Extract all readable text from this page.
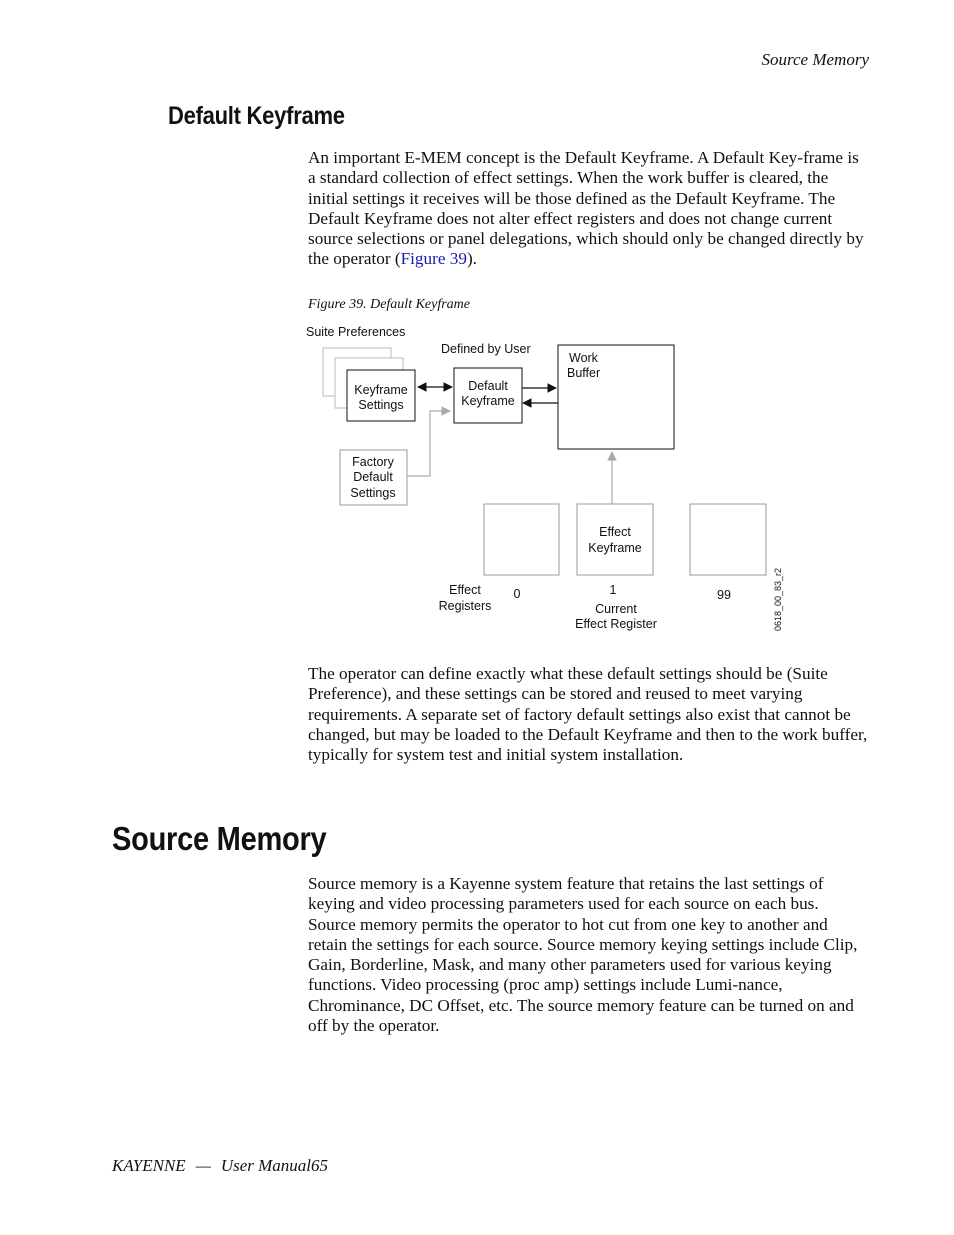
Source Memory
Default Keyframe

An important E-MEM concept is the Default Keyframe. A Default Key-frame is a standard collection of effect settings. When the work buffer is cleared, the initial settings it receives will be those defined as the Default Keyframe. The Default Keyframe does not alter effect registers and does not change current source selections or panel delegations, which should only be changed directly by the operator (Figure 39).

Figure 39. Default Keyframe
Suite Preferences
Defined by User
Keyframe
Settings
Default
Keyframe
Work
Buffer
Factory
Default
Settings
Effect
Keyframe
Effect
Registers
0	1
Current
Effect Register
99	0618_00_83_r2

The operator can define exactly what these default settings should be (Suite Preference), and these settings can be stored and reused to meet varying requirements. A separate set of factory default settings also exist that cannot be changed, but may be loaded to the Default Keyframe and then to the work buffer, typically for system test and initial system installation.

Source Memory

Source memory is a Kayenne system feature that retains the last settings of keying and video processing parameters used for each source on each bus. Source memory permits the operator to hot cut from one key to another and retain the settings for each source. Source memory keying settings include Clip, Gain, Borderline, Mask, and many other parameters used for various keying functions. Video processing (proc amp) settings include Lumi-nance, Chrominance, DC Offset, etc. The source memory feature can be turned on and off by the operator.

KAYENNE — User Manual65
